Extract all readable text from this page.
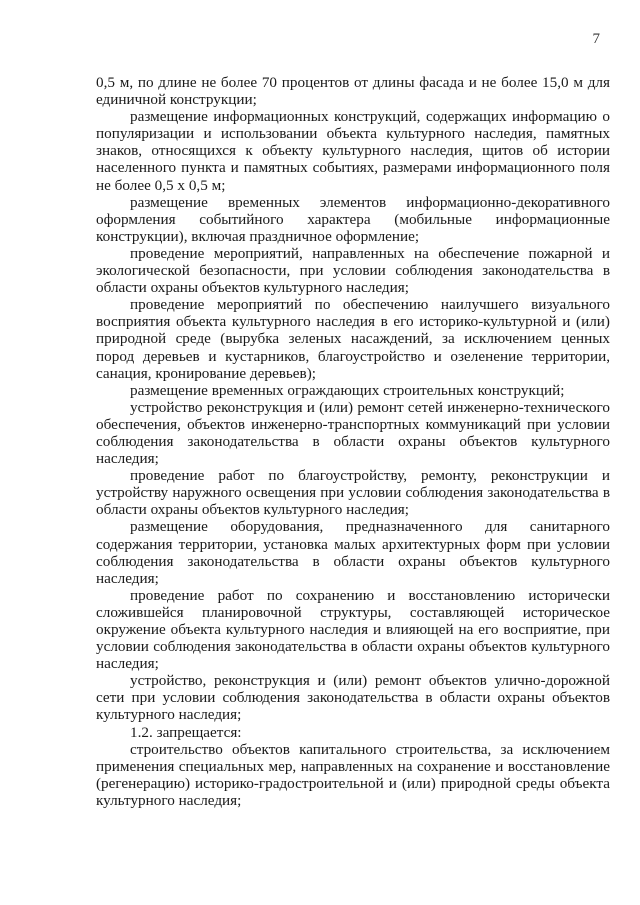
7

0,5 м, по длине не более 70 процентов от длины фасада и не более 15,0 м для единичной конструкции;

размещение информационных конструкций, содержащих информацию о популяризации и использовании объекта культурного наследия, памятных знаков, относящихся к объекту культурного наследия, щитов об истории населенного пункта и памятных событиях, размерами информационного поля не более 0,5 х 0,5 м;

размещение временных элементов информационно-декоративного оформления событийного характера (мобильные информационные конструкции), включая праздничное оформление;

проведение мероприятий, направленных на обеспечение пожарной и экологической безопасности, при условии соблюдения законодательства в области охраны объектов культурного наследия;

проведение мероприятий по обеспечению наилучшего визуального восприятия объекта культурного наследия в его историко-культурной и (или) природной среде (вырубка зеленых насаждений, за исключением ценных пород деревьев и кустарников, благоустройство и озеленение территории, санация, кронирование деревьев);

размещение временных ограждающих строительных конструкций;

устройство реконструкция и (или) ремонт сетей инженерно-технического обеспечения, объектов инженерно-транспортных коммуникаций при условии соблюдения законодательства в области охраны объектов культурного наследия;

проведение работ по благоустройству, ремонту, реконструкции и устройству наружного освещения при условии соблюдения законодательства в области охраны объектов культурного наследия;

размещение оборудования, предназначенного для санитарного содержания территории, установка малых архитектурных форм при условии соблюдения законодательства в области охраны объектов культурного наследия;

проведение работ по сохранению и восстановлению исторически сложившейся планировочной структуры, составляющей историческое окружение объекта культурного наследия и влияющей на его восприятие, при условии соблюдения законодательства в области охраны объектов культурного наследия;

устройство, реконструкция и (или) ремонт объектов улично-дорожной сети при условии соблюдения законодательства в области охраны объектов культурного наследия;

1.2. запрещается:

строительство объектов капитального строительства, за исключением применения специальных мер, направленных на сохранение и восстановление (регенерацию) историко-градостроительной и (или) природной среды объекта культурного наследия;
